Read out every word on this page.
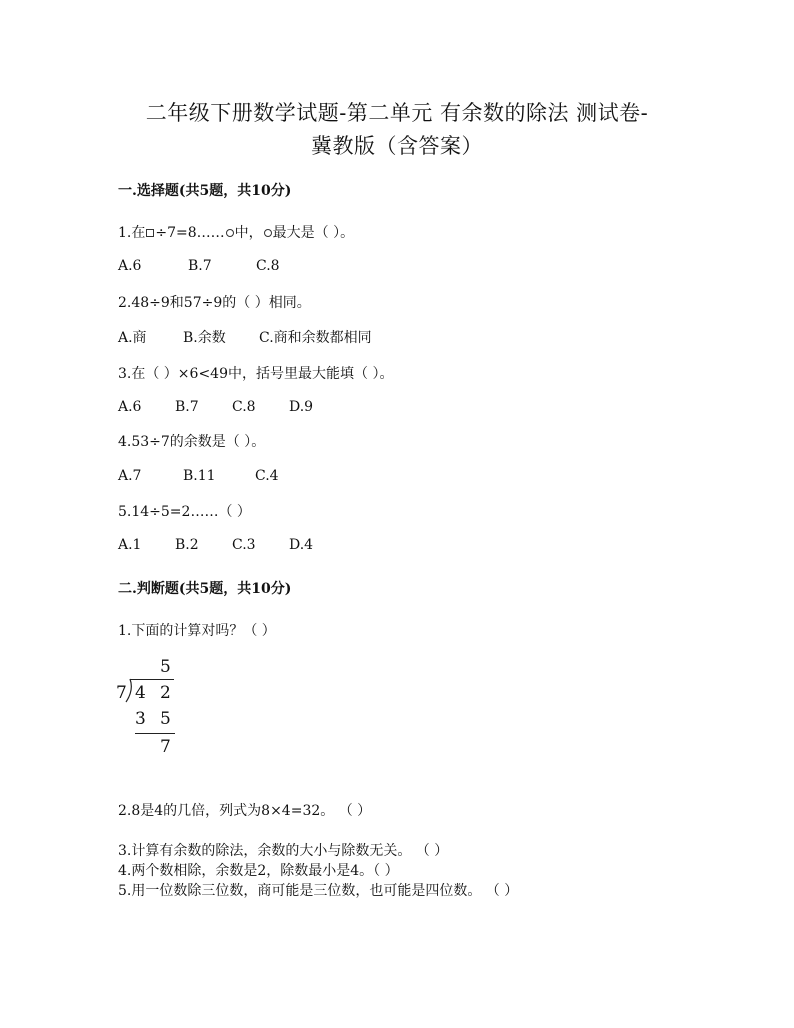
二年级下册数学试题-第二单元 有余数的除法 测试卷-
冀教版（含答案）
一.选择题(共5题，共10分)
1.在 ÷7=8…… 中， 最大是（ ）。
A.6	B.7	C.8
2.48÷9和57÷9的（ ）相同。
A.商	B.余数 C.商和余数都相同
3.在（ ）×6<49中，括号里最大能填（ ）。
A.6 B.7 C.8 D.9
4.53÷7的余数是（ ）。
A.7	B.11	C.4
5.14÷5=2……（ ）
A.1 B.2 C.3 D.4
二.判断题(共5题，共10分)
1.下面的计算对吗？（ ）
5
7 4 2
3 5
7
2.8是4的几倍，列式为8×4=32。 （ ）
3.计算有余数的除法，余数的大小与除数无关。 （ ）
4.两个数相除，余数是2，除数最小是4。（ ）
5.用一位数除三位数，商可能是三位数，也可能是四位数。 （ ）
